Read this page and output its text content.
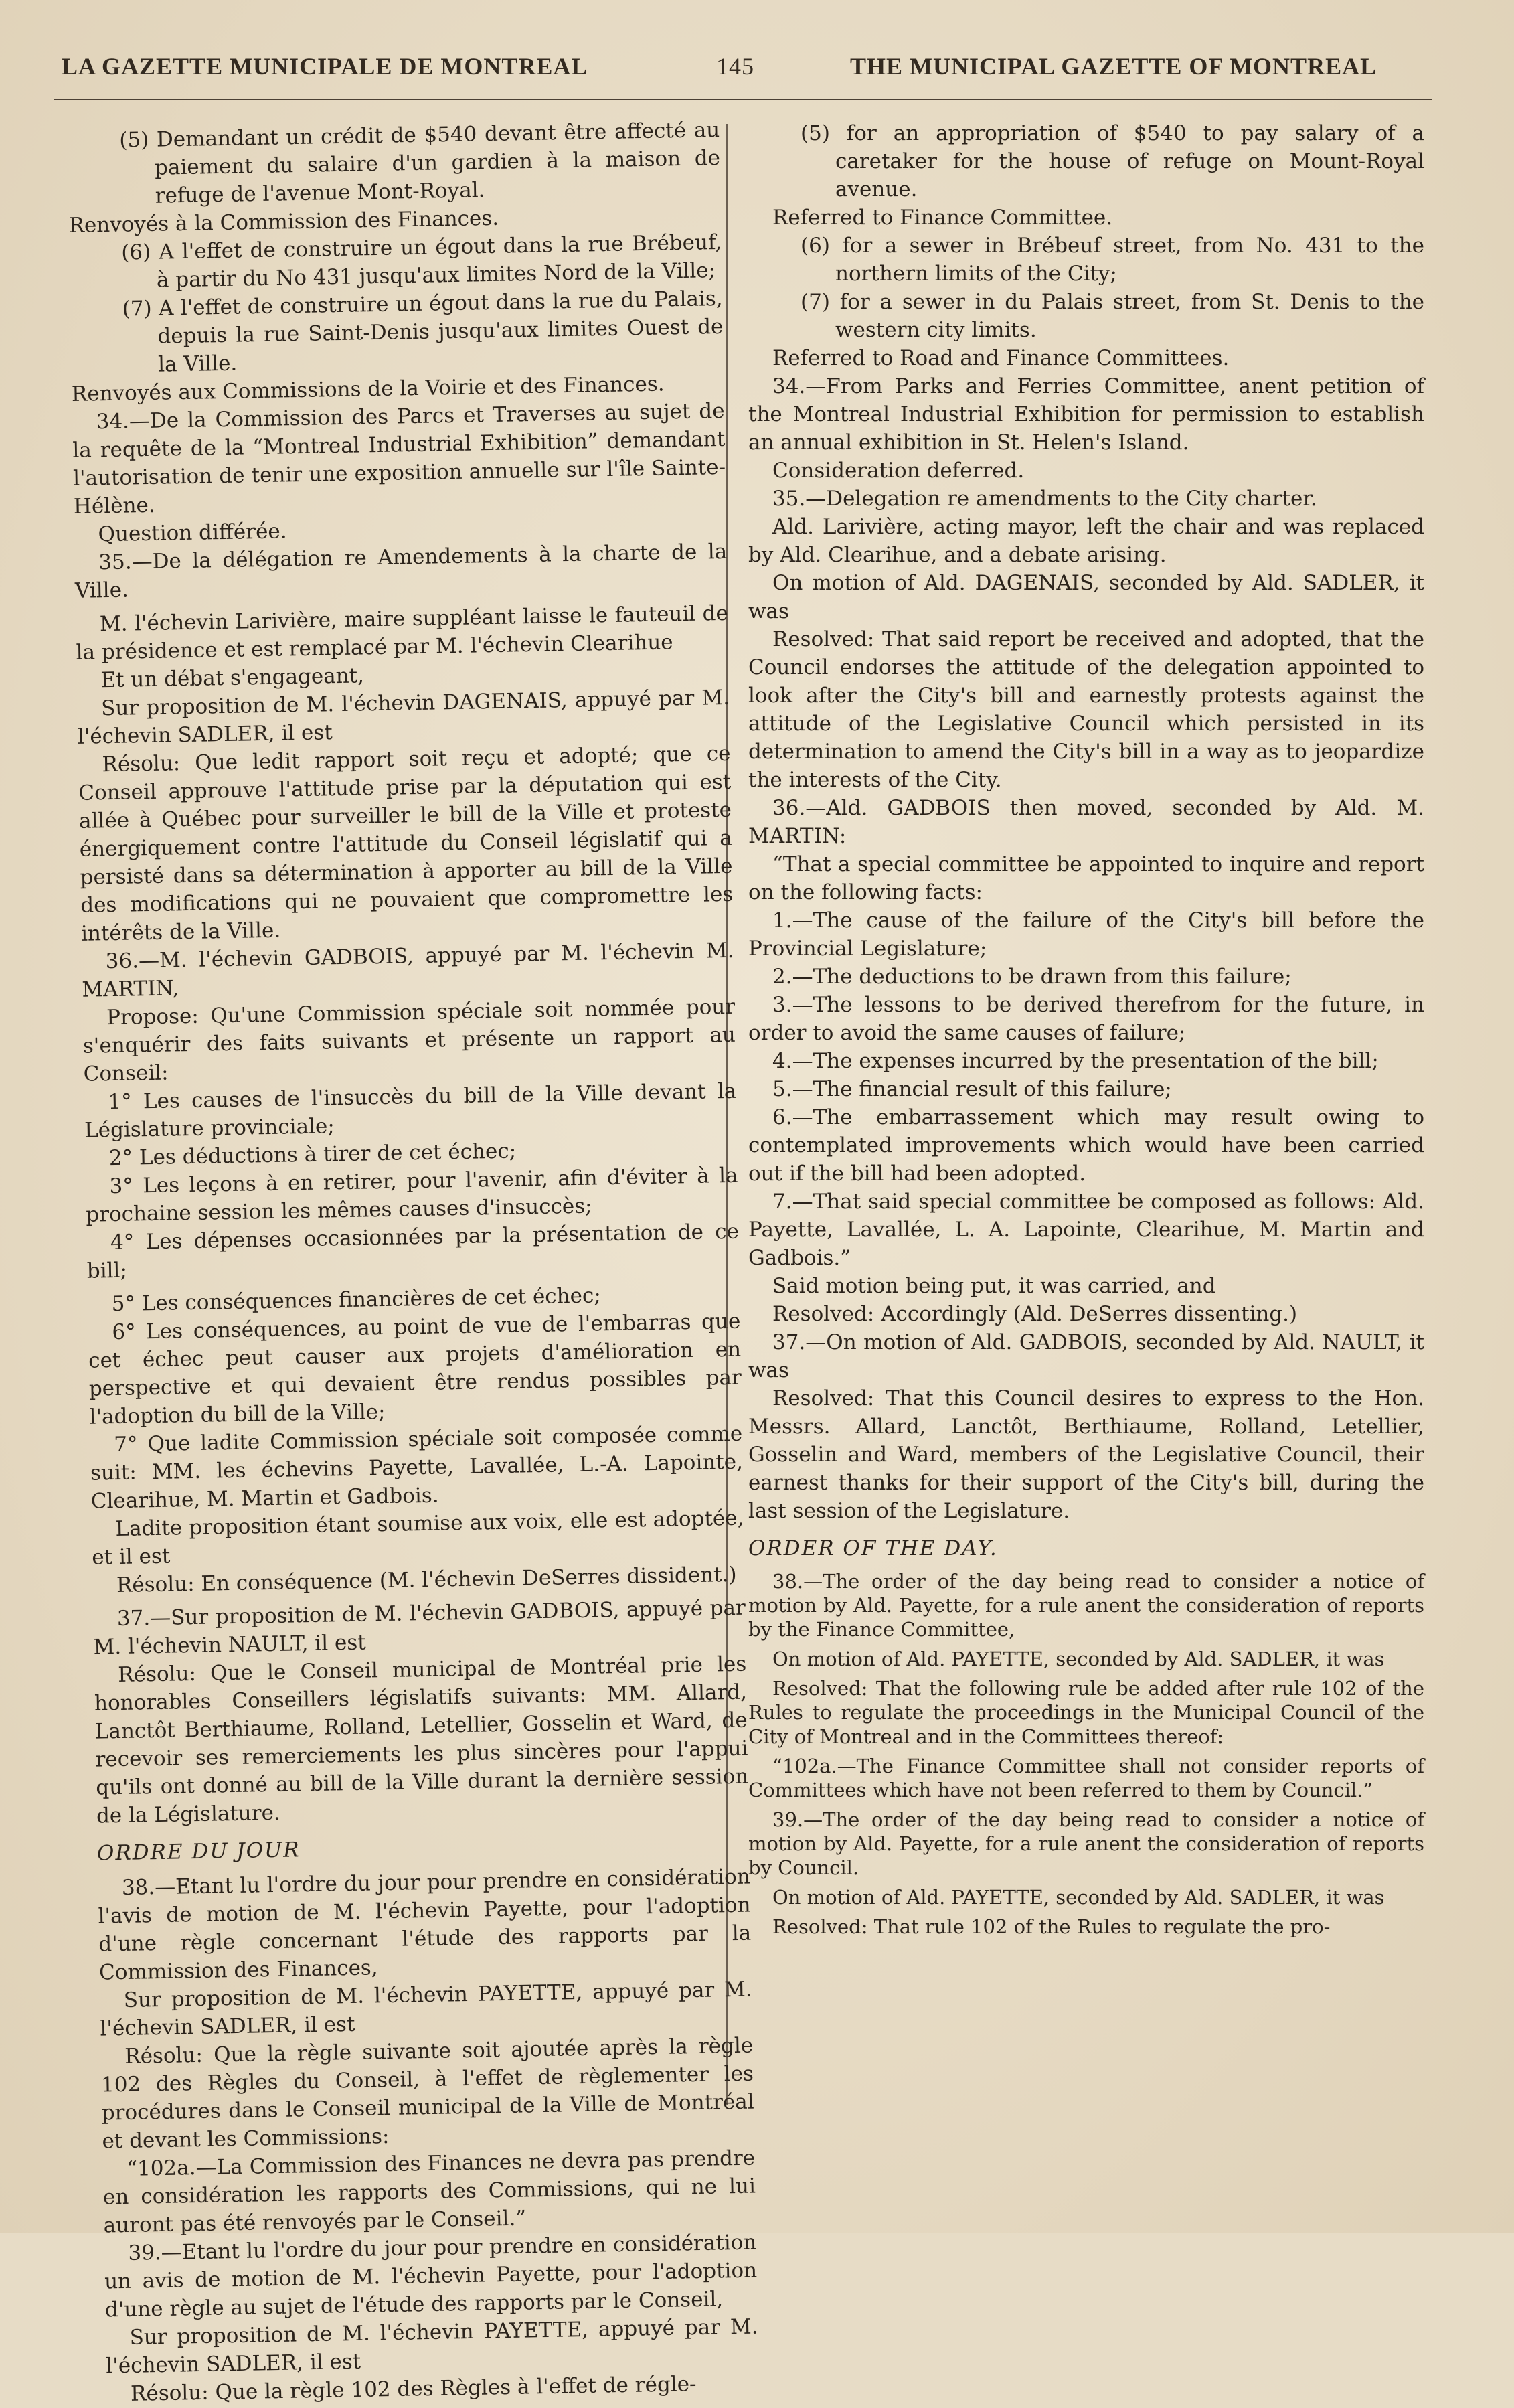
LA GAZETTE MUNICIPALE DE MONTREAL	145	THE MUNICIPAL GAZETTE OF MONTREAL

(5) Demandant un crédit de $540 devant être affecté au paiement du salaire d'un gardien à la maison de refuge de l'avenue Mont-Royal.

Renvoyés à la Commission des Finances.

(6) A l'effet de construire un égout dans la rue Brébeuf, à partir du No 431 jusqu'aux limites Nord de la Ville;

(7) A l'effet de construire un égout dans la rue du Palais, depuis la rue Saint-Denis jusqu'aux limites Ouest de la Ville.

Renvoyés aux Commissions de la Voirie et des Finances.

34.—De la Commission des Parcs et Traverses au sujet de la requête de la “Montreal Industrial Exhibition” demandant l'autorisation de tenir une exposition annuelle sur l'île Sainte-Hélène.

Question différée.

35.—De la délégation re Amendements à la charte de la Ville.

M. l'échevin Larivière, maire suppléant laisse le fauteuil de la présidence et est remplacé par M. l'échevin Clearihue

Et un débat s'engageant,

Sur proposition de M. l'échevin DAGENAIS, appuyé par M. l'échevin SADLER, il est

Résolu: Que ledit rapport soit reçu et adopté; que ce Conseil approuve l'attitude prise par la députation qui est allée à Québec pour surveiller le bill de la Ville et proteste énergiquement contre l'attitude du Conseil législatif qui a persisté dans sa détermination à apporter au bill de la Ville des modifications qui ne pouvaient que compromettre les intérêts de la Ville.

36.—M. l'échevin GADBOIS, appuyé par M. l'échevin M. MARTIN,

Propose: Qu'une Commission spéciale soit nommée pour s'enquérir des faits suivants et présente un rapport au Conseil:

1° Les causes de l'insuccès du bill de la Ville devant la Législature provinciale;

2° Les déductions à tirer de cet échec;

3° Les leçons à en retirer, pour l'avenir, afin d'éviter à la prochaine session les mêmes causes d'insuccès;

4° Les dépenses occasionnées par la présentation de ce bill;

5° Les conséquences financières de cet échec;

6° Les conséquences, au point de vue de l'embarras que cet échec peut causer aux projets d'amélioration en perspective et qui devaient être rendus possibles par l'adoption du bill de la Ville;

7° Que ladite Commission spéciale soit composée comme suit: MM. les échevins Payette, Lavallée, L.-A. Lapointe, Clearihue, M. Martin et Gadbois.

Ladite proposition étant soumise aux voix, elle est adoptée, et il est

Résolu: En conséquence (M. l'échevin DeSerres dissident.)

37.—Sur proposition de M. l'échevin GADBOIS, appuyé par M. l'échevin NAULT, il est

Résolu: Que le Conseil municipal de Montréal prie les honorables Conseillers législatifs suivants: MM. Allard, Lanctôt Berthiaume, Rolland, Letellier, Gosselin et Ward, de recevoir ses remerciements les plus sincères pour l'appui qu'ils ont donné au bill de la Ville durant la dernière session de la Législature.

ORDRE DU JOUR

38.—Etant lu l'ordre du jour pour prendre en considération l'avis de motion de M. l'échevin Payette, pour l'adoption d'une règle concernant l'étude des rapports par la Commission des Finances,

Sur proposition de M. l'échevin PAYETTE, appuyé par M. l'échevin SADLER, il est

Résolu: Que la règle suivante soit ajoutée après la règle 102 des Règles du Conseil, à l'effet de règlementer les procédures dans le Conseil municipal de la Ville de Montréal et devant les Commissions:

“102a.—La Commission des Finances ne devra pas prendre en considération les rapports des Commissions, qui ne lui auront pas été renvoyés par le Conseil.”

39.—Etant lu l'ordre du jour pour prendre en considération un avis de motion de M. l'échevin Payette, pour l'adoption d'une règle au sujet de l'étude des rapports par le Conseil,

Sur proposition de M. l'échevin PAYETTE, appuyé par M. l'échevin SADLER, il est

Résolu: Que la règle 102 des Règles à l'effet de régle-

(5) for an appropriation of $540 to pay salary of a caretaker for the house of refuge on Mount-Royal avenue.

Referred to Finance Committee.

(6) for a sewer in Brébeuf street, from No. 431 to the northern limits of the City;

(7) for a sewer in du Palais street, from St. Denis to the western city limits.

Referred to Road and Finance Committees.

34.—From Parks and Ferries Committee, anent petition of the Montreal Industrial Exhibition for permission to establish an annual exhibition in St. Helen's Island.

Consideration deferred.

35.—Delegation re amendments to the City charter.

Ald. Larivière, acting mayor, left the chair and was replaced by Ald. Clearihue, and a debate arising.

On motion of Ald. DAGENAIS, seconded by Ald. SADLER, it was

Resolved: That said report be received and adopted, that the Council endorses the attitude of the delegation appointed to look after the City's bill and earnestly protests against the attitude of the Legislative Council which persisted in its determination to amend the City's bill in a way as to jeopardize the interests of the City.

36.—Ald. GADBOIS then moved, seconded by Ald. M. MARTIN:

“That a special committee be appointed to inquire and report on the following facts:

1.—The cause of the failure of the City's bill before the Provincial Legislature;

2.—The deductions to be drawn from this failure;

3.—The lessons to be derived therefrom for the future, in order to avoid the same causes of failure;

4.—The expenses incurred by the presentation of the bill;

5.—The financial result of this failure;

6.—The embarrassement which may result owing to contemplated improvements which would have been carried out if the bill had been adopted.

7.—That said special committee be composed as follows: Ald. Payette, Lavallée, L. A. Lapointe, Clearihue, M. Martin and Gadbois.”

Said motion being put, it was carried, and

Resolved: Accordingly (Ald. DeSerres dissenting.)

37.—On motion of Ald. GADBOIS, seconded by Ald. NAULT, it was

Resolved: That this Council desires to express to the Hon. Messrs. Allard, Lanctôt, Berthiaume, Rolland, Letellier, Gosselin and Ward, members of the Legislative Council, their earnest thanks for their support of the City's bill, during the last session of the Legislature.

ORDER OF THE DAY.

38.—The order of the day being read to consider a notice of motion by Ald. Payette, for a rule anent the consideration of reports by the Finance Committee,

On motion of Ald. PAYETTE, seconded by Ald. SADLER, it was

Resolved: That the following rule be added after rule 102 of the Rules to regulate the proceedings in the Municipal Council of the City of Montreal and in the Committees thereof:

“102a.—The Finance Committee shall not consider reports of Committees which have not been referred to them by Council.”

39.—The order of the day being read to consider a notice of motion by Ald. Payette, for a rule anent the consideration of reports by Council.

On motion of Ald. PAYETTE, seconded by Ald. SADLER, it was

Resolved: That rule 102 of the Rules to regulate the pro-
